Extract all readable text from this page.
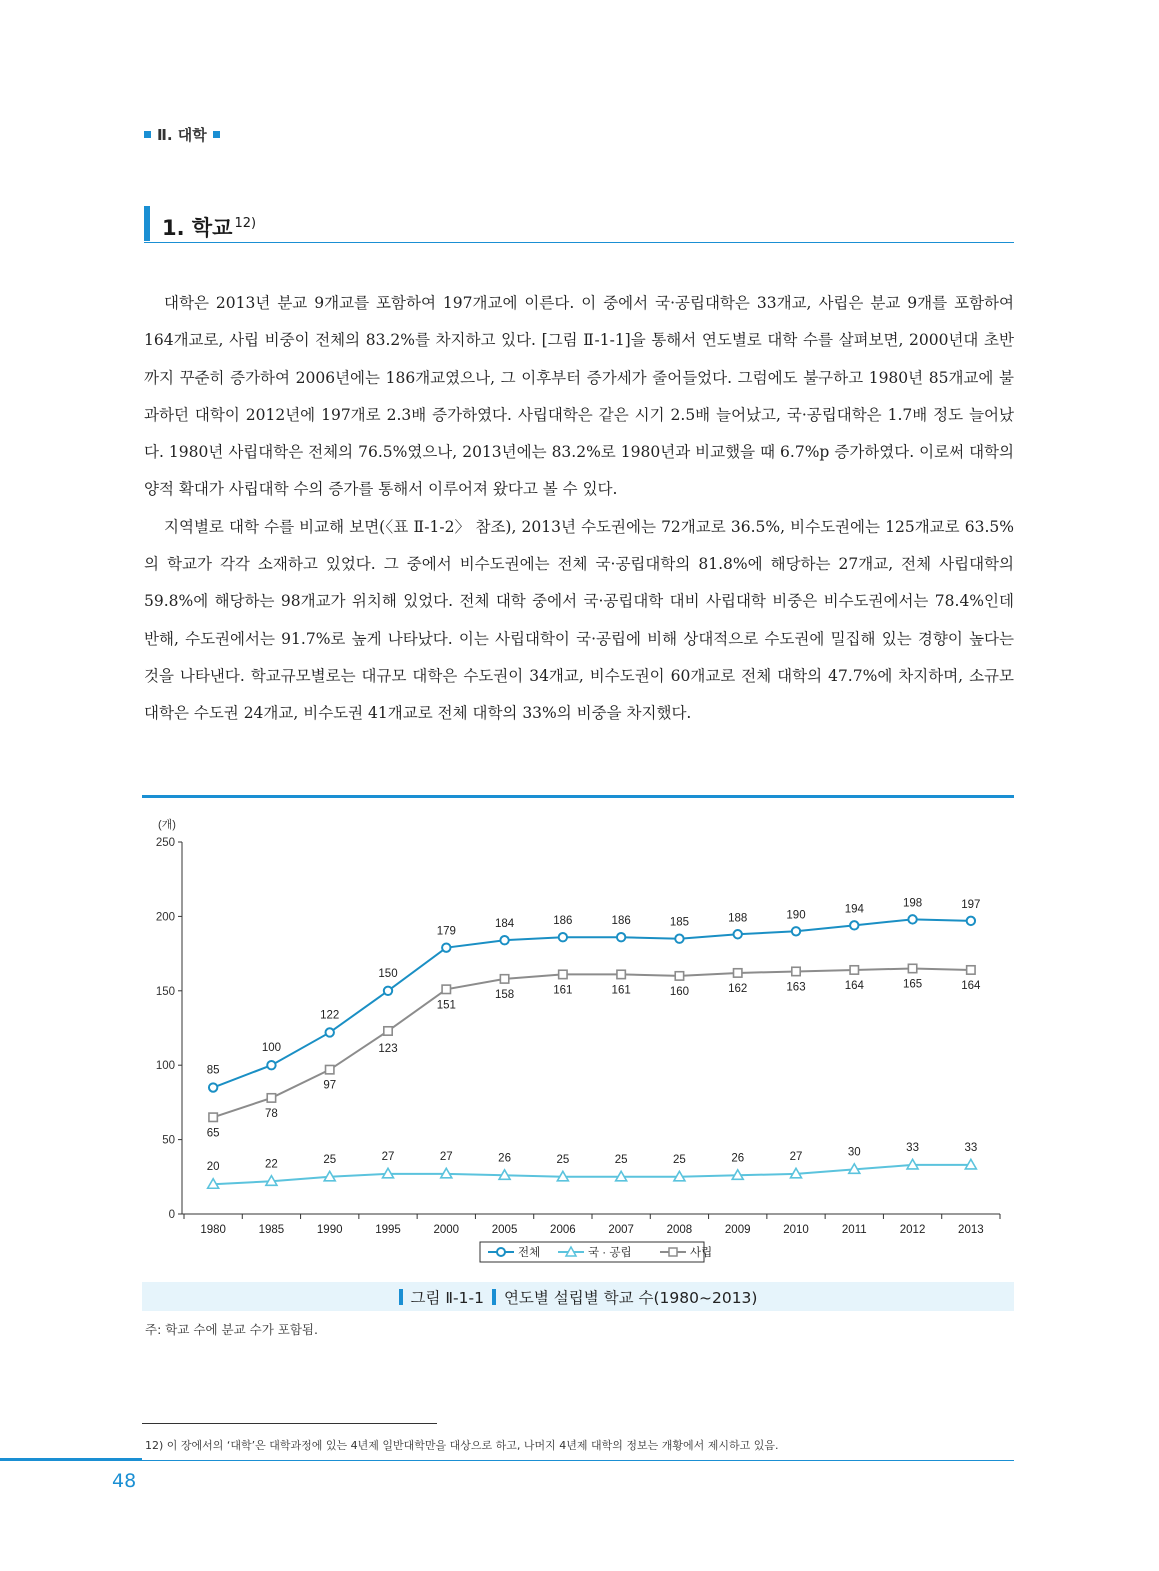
Ⅱ. 대학
1. 학교 $^{12)}$

대학은 2013년 분교 9개교를 포함하여 197개교에 이른다. 이 중에서 국·공립대학은 33개교, 사립은 분교 9개를 포함하여 164개교로, 사립 비중이 전체의 83.2%를 차지하고 있다. [그림 Ⅱ-1-1]을 통해서 연도별로 대학 수를 살펴보면, 2000년대 초반까지 꾸준히 증가하여 2006년에는 186개교였으나, 그 이후부터 증가세가 줄어들었다. 그럼에도 불구하고 1980년 85개교에 불과하던 대학이 2012년에 197개로 2.3배 증가하였다. 사립대학은 같은 시기 2.5배 늘어났고, 국·공립대학은 1.7배 정도 늘어났다. 1980년 사립대학은 전체의 76.5%였으나, 2013년에는 83.2%로 1980년과 비교했을 때 6.7%p 증가하였다. 이로써 대학의 양적 확대가 사립대학 수의 증가를 통해서 이루어져 왔다고 볼 수 있다.

지역별로 대학 수를 비교해 보면(〈표 Ⅱ-1-2〉 참조), 2013년 수도권에는 72개교로 36.5%, 비수도권에는 125개교로 63.5%의 학교가 각각 소재하고 있었다. 그 중에서 비수도권에는 전체 국·공립대학의 81.8%에 해당하는 27개교, 전체 사립대학의 59.8%에 해당하는 98개교가 위치해 있었다. 전체 대학 중에서 국·공립대학 대비 사립대학 비중은 비수도권에서는 78.4%인데 반해, 수도권에서는 91.7%로 높게 나타났다. 이는 사립대학이 국·공립에 비해 상대적으로 수도권에 밀집해 있는 경향이 높다는 것을 나타낸다. 학교규모별로는 대규모 대학은 수도권이 34개교, 비수도권이 60개교로 전체 대학의 47.7%에 차지하며, 소규모 대학은 수도권 24개교, 비수도권 41개교로 전체 대학의 33%의 비중을 차지했다.

0
50
100
150
200
250
(개)
1980	1985	1990	1995	2000	2005	2006	2007	2008	2009	2010	2011	2012	2013
85
100
122
150
179
184	186	186	185	188	190	194	198	197
20	22	25	27	27	26	25	25	25	26	27	30	33	33
65
78
97
123
151
158	161	161	160	162	163	164	165	164
전체	국 · 공립	사립
그림 Ⅱ-1-1 연도별 설립별 학교 수(1980~2013)
주: 학교 수에 분교 수가 포함됨.
12) 이 장에서의 ‘대학’은 대학과정에 있는 4년제 일반대학만을 대상으로 하고, 나머지 4년제 대학의 정보는 개황에서 제시하고 있음.
48
